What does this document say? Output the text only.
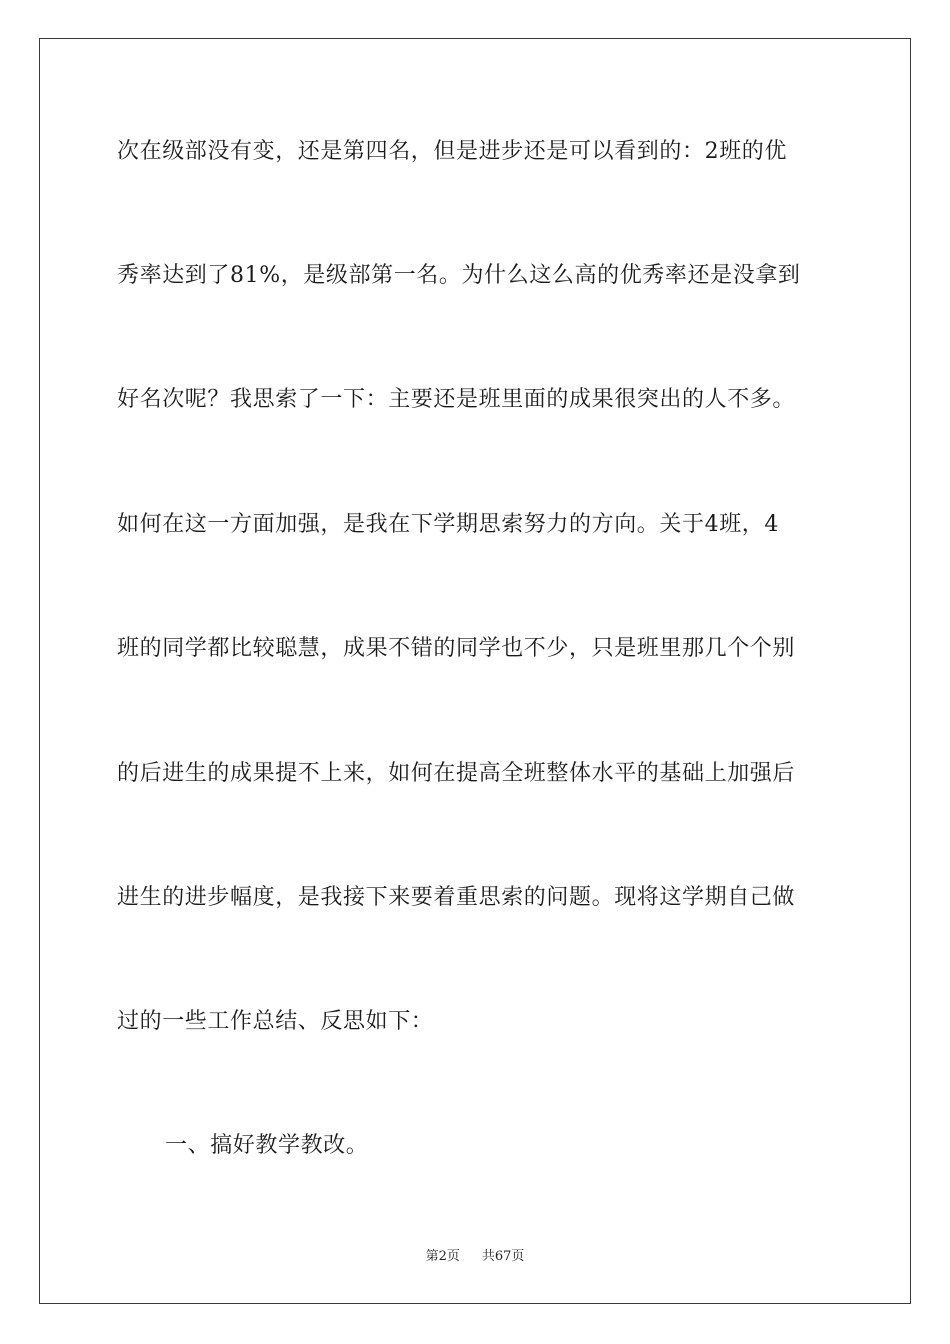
次在级部没有变，还是第四名，但是进步还是可以看到的：2班的优
秀率达到了81%，是级部第一名。为什么这么高的优秀率还是没拿到
好名次呢？我思索了一下：主要还是班里面的成果很突出的人不多。
如何在这一方面加强，是我在下学期思索努力的方向。关于4班，4
班的同学都比较聪慧，成果不错的同学也不少，只是班里那几个个别
的后进生的成果提不上来，如何在提高全班整体水平的基础上加强后
进生的进步幅度，是我接下来要着重思索的问题。现将这学期自己做
过的一些工作总结、反思如下：
一、搞好教学教改。
第2页 共67页
